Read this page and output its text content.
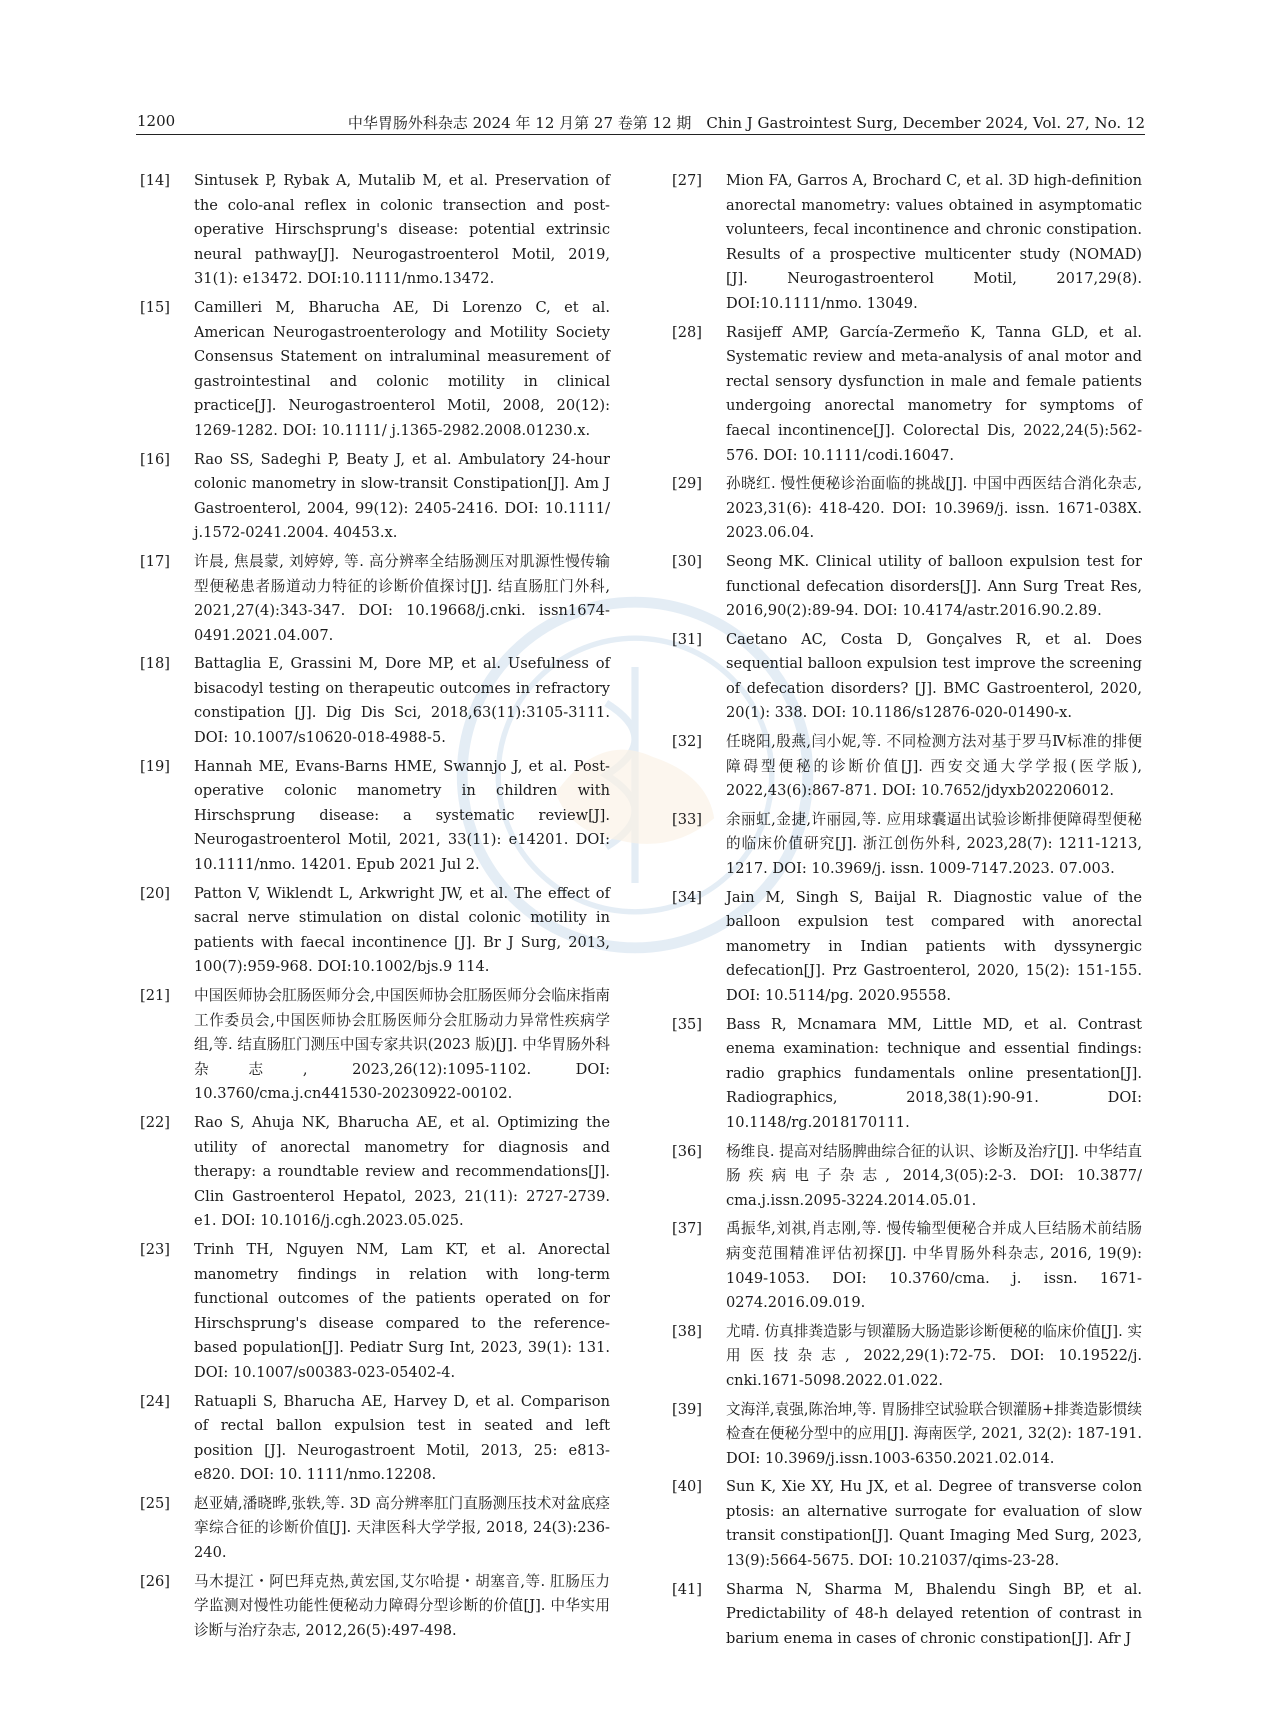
1200	中华胃肠外科杂志 2024 年 12 月第 27 卷第 12 期　Chin J Gastrointest Surg, December 2024, Vol. 27, No. 12
[14] Sintusek P, Rybak A, Mutalib M, et al. Preservation of the colo-anal reflex in colonic transection and post-operative Hirschsprung's disease: potential extrinsic neural pathway[J]. Neurogastroenterol Motil, 2019, 31(1): e13472. DOI:10.1111/nmo.13472.
[15] Camilleri M, Bharucha AE, Di Lorenzo C, et al. American Neurogastroenterology and Motility Society Consensus Statement on intraluminal measurement of gastrointestinal and colonic motility in clinical practice[J]. Neurogastroenterol Motil, 2008, 20(12): 1269-1282. DOI: 10.1111/ j.1365-2982.2008.01230.x.
[16] Rao SS, Sadeghi P, Beaty J, et al. Ambulatory 24-hour colonic manometry in slow-transit Constipation[J]. Am J Gastroenterol, 2004, 99(12): 2405-2416. DOI: 10.1111/ j.1572-0241.2004. 40453.x.
[17] 许晨, 焦晨蒙, 刘婷婷, 等. 高分辨率全结肠测压对肌源性慢传输型便秘患者肠道动力特征的诊断价值探讨[J]. 结直肠肛门外科, 2021,27(4):343-347. DOI: 10.19668/j.cnki. issn1674-0491.2021.04.007.
[18] Battaglia E, Grassini M, Dore MP, et al. Usefulness of bisacodyl testing on therapeutic outcomes in refractory constipation [J]. Dig Dis Sci, 2018,63(11):3105-3111. DOI: 10.1007/s10620-018-4988-5.
[19] Hannah ME, Evans-Barns HME, Swannjo J, et al. Post-operative colonic manometry in children with Hirschsprung disease: a systematic review[J]. Neurogastroenterol Motil, 2021, 33(11): e14201. DOI: 10.1111/nmo. 14201. Epub 2021 Jul 2.
[20] Patton V, Wiklendt L, Arkwright JW, et al. The effect of sacral nerve stimulation on distal colonic motility in patients with faecal incontinence [J]. Br J Surg, 2013, 100(7):959-968. DOI:10.1002/bjs.9 114.
[21] 中国医师协会肛肠医师分会,中国医师协会肛肠医师分会临床指南工作委员会,中国医师协会肛肠医师分会肛肠动力异常性疾病学组,等. 结直肠肛门测压中国专家共识(2023 版)[J]. 中华胃肠外科杂志, 2023,26(12):1095-1102. DOI: 10.3760/cma.j.cn441530-20230922-00102.
[22] Rao S, Ahuja NK, Bharucha AE, et al. Optimizing the utility of anorectal manometry for diagnosis and therapy: a roundtable review and recommendations[J]. Clin Gastroenterol Hepatol, 2023, 21(11): 2727-2739. e1. DOI: 10.1016/j.cgh.2023.05.025.
[23] Trinh TH, Nguyen NM, Lam KT, et al. Anorectal manometry findings in relation with long-term functional outcomes of the patients operated on for Hirschsprung's disease compared to the reference-based population[J]. Pediatr Surg Int, 2023, 39(1): 131. DOI: 10.1007/s00383-023-05402-4.
[24] Ratuapli S, Bharucha AE, Harvey D, et al. Comparison of rectal ballon expulsion test in seated and left position [J]. Neurogastroent Motil, 2013, 25: e813-e820. DOI: 10. 1111/nmo.12208.
[25] 赵亚婧,潘晓晔,张轶,等. 3D 高分辨率肛门直肠测压技术对盆底痉挛综合征的诊断价值[J]. 天津医科大学学报, 2018, 24(3):236-240.
[26] 马木提江・阿巴拜克热,黄宏国,艾尔哈提・胡塞音,等. 肛肠压力学监测对慢性功能性便秘动力障碍分型诊断的价值[J]. 中华实用诊断与治疗杂志, 2012,26(5):497-498.
[27] Mion FA, Garros A, Brochard C, et al. 3D high-definition anorectal manometry: values obtained in asymptomatic volunteers, fecal incontinence and chronic constipation. Results of a prospective multicenter study (NOMAD) [J]. Neurogastroenterol Motil, 2017,29(8). DOI:10.1111/nmo. 13049.
[28] Rasijeff AMP, García-Zermeño K, Tanna GLD, et al. Systematic review and meta-analysis of anal motor and rectal sensory dysfunction in male and female patients undergoing anorectal manometry for symptoms of faecal incontinence[J]. Colorectal Dis, 2022,24(5):562-576. DOI: 10.1111/codi.16047.
[29] 孙晓红. 慢性便秘诊治面临的挑战[J]. 中国中西医结合消化杂志, 2023,31(6): 418-420. DOI: 10.3969/j. issn. 1671-038X. 2023.06.04.
[30] Seong MK. Clinical utility of balloon expulsion test for functional defecation disorders[J]. Ann Surg Treat Res, 2016,90(2):89-94. DOI: 10.4174/astr.2016.90.2.89.
[31] Caetano AC, Costa D, Gonçalves R, et al. Does sequential balloon expulsion test improve the screening of defecation disorders? [J]. BMC Gastroenterol, 2020, 20(1): 338. DOI: 10.1186/s12876-020-01490-x.
[32] 任晓阳,殷燕,闫小妮,等. 不同检测方法对基于罗马Ⅳ标准的排便障碍型便秘的诊断价值[J]. 西安交通大学学报(医学版), 2022,43(6):867-871. DOI: 10.7652/jdyxb202206012.
[33] 余丽虹,金捷,许丽园,等. 应用球囊逼出试验诊断排便障碍型便秘的临床价值研究[J]. 浙江创伤外科, 2023,28(7): 1211-1213, 1217. DOI: 10.3969/j. issn. 1009-7147.2023. 07.003.
[34] Jain M, Singh S, Baijal R. Diagnostic value of the balloon expulsion test compared with anorectal manometry in Indian patients with dyssynergic defecation[J]. Prz Gastroenterol, 2020, 15(2): 151-155. DOI: 10.5114/pg. 2020.95558.
[35] Bass R, Mcnamara MM, Little MD, et al. Contrast enema examination: technique and essential findings: radio graphics fundamentals online presentation[J]. Radiographics, 2018,38(1):90-91. DOI: 10.1148/rg.2018170111.
[36] 杨维良. 提高对结肠脾曲综合征的认识、诊断及治疗[J]. 中华结直肠疾病电子杂志, 2014,3(05):2-3. DOI: 10.3877/ cma.j.issn.2095-3224.2014.05.01.
[37] 禹振华,刘祺,肖志刚,等. 慢传输型便秘合并成人巨结肠术前结肠病变范围精准评估初探[J]. 中华胃肠外科杂志, 2016, 19(9): 1049-1053. DOI: 10.3760/cma. j. issn. 1671-0274.2016.09.019.
[38] 尤晴. 仿真排粪造影与钡灌肠大肠造影诊断便秘的临床价值[J]. 实用医技杂志, 2022,29(1):72-75. DOI: 10.19522/j. cnki.1671-5098.2022.01.022.
[39] 文海洋,袁强,陈治坤,等. 胃肠排空试验联合钡灌肠+排粪造影惯续检查在便秘分型中的应用[J]. 海南医学, 2021, 32(2): 187-191. DOI: 10.3969/j.issn.1003-6350.2021.02.014.
[40] Sun K, Xie XY, Hu JX, et al. Degree of transverse colon ptosis: an alternative surrogate for evaluation of slow transit constipation[J]. Quant Imaging Med Surg, 2023, 13(9):5664-5675. DOI: 10.21037/qims-23-28.
[41] Sharma N, Sharma M, Bhalendu Singh BP, et al. Predictability of 48-h delayed retention of contrast in barium enema in cases of chronic constipation[J]. Afr J
